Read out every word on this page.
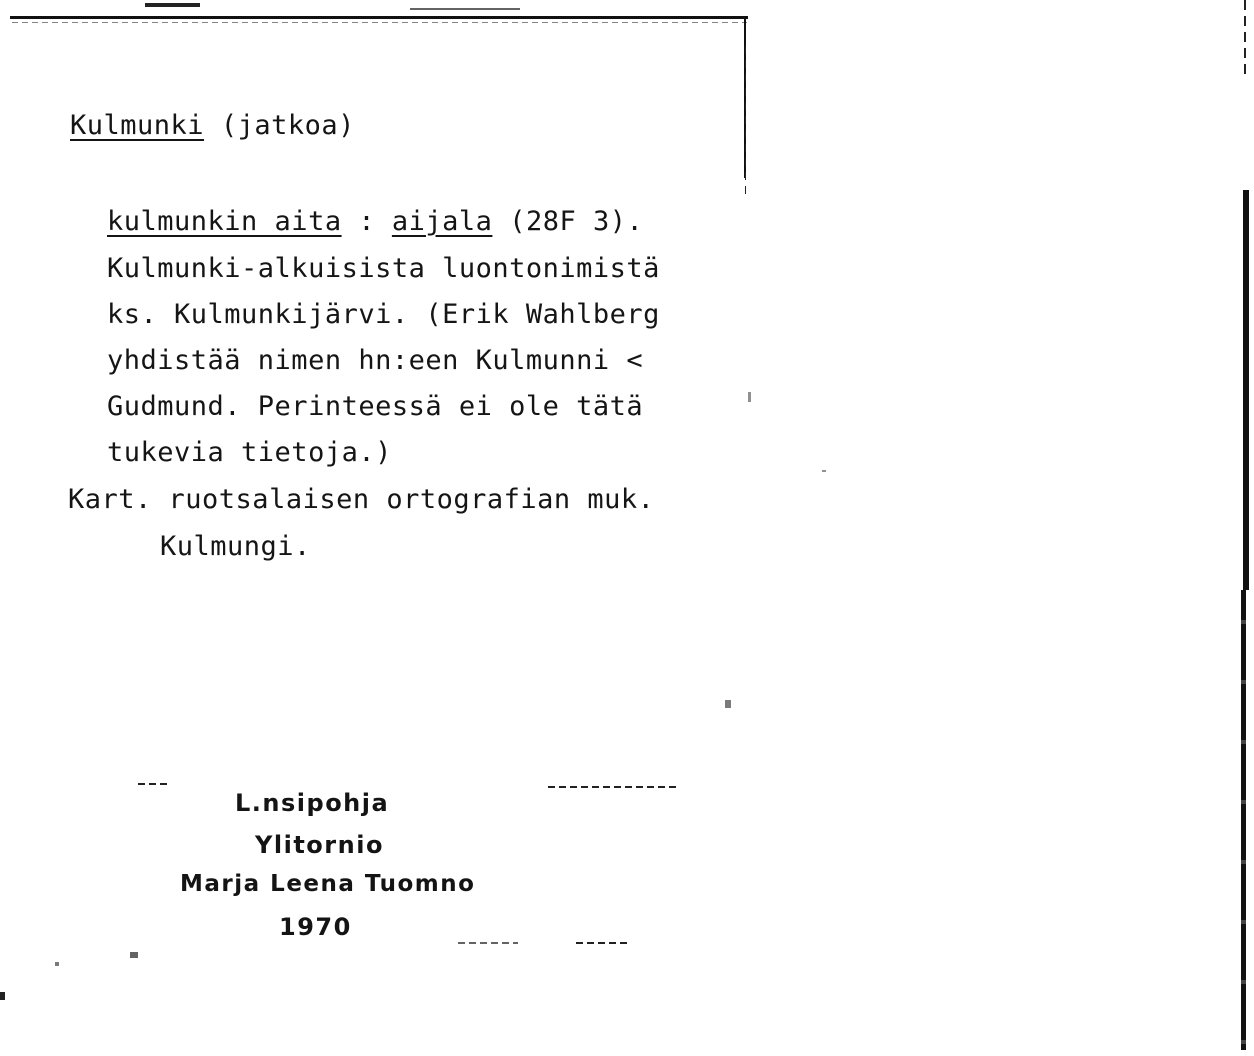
Kulmunki (jatkoa)
kulmunkin aita : aijala (28F 3).
Kulmunki-alkuisista luontonimistä
ks. Kulmunkijärvi. (Erik Wahlberg
yhdistää nimen hn:een Kulmunni <
Gudmund. Perinteessä ei ole tätä
tukevia tietoja.)
Kart. ruotsalaisen ortografian muk.
Kulmungi.
L.nsipohja
Ylitornio
Marja Leena Tuomno
1970
